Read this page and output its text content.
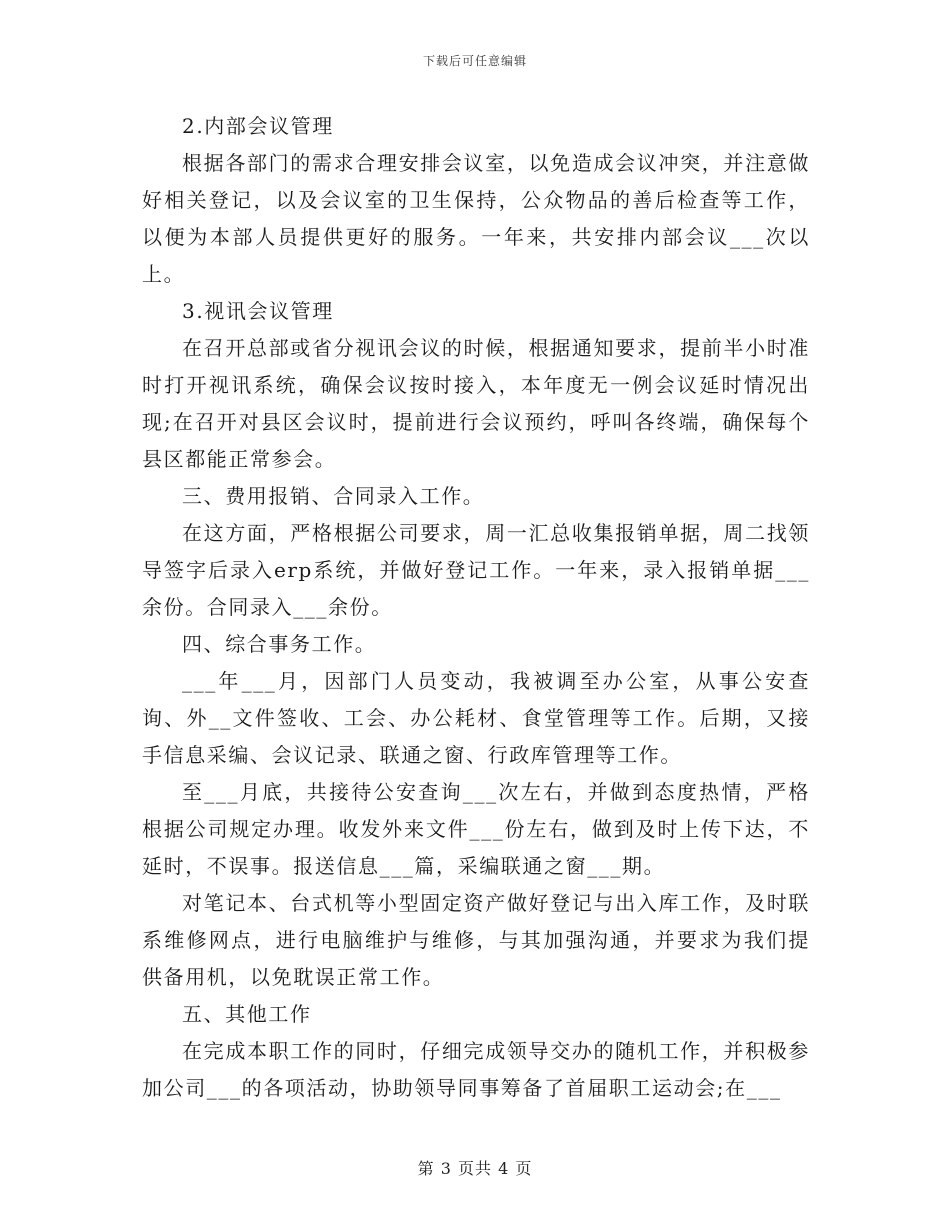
下载后可任意编辑

2.内部会议管理

根据各部门的需求合理安排会议室，以免造成会议冲突，并注意做好相关登记，以及会议室的卫生保持，公众物品的善后检查等工作，以便为本部人员提供更好的服务。一年来，共安排内部会议___次以上。

3.视讯会议管理

在召开总部或省分视讯会议的时候，根据通知要求，提前半小时准时打开视讯系统，确保会议按时接入，本年度无一例会议延时情况出现;在召开对县区会议时，提前进行会议预约，呼叫各终端，确保每个县区都能正常参会。

三、费用报销、合同录入工作。

在这方面，严格根据公司要求，周一汇总收集报销单据，周二找领导签字后录入erp系统，并做好登记工作。一年来，录入报销单据___余份。合同录入___余份。

四、综合事务工作。

___年___月，因部门人员变动，我被调至办公室，从事公安查询、外__文件签收、工会、办公耗材、食堂管理等工作。后期，又接手信息采编、会议记录、联通之窗、行政库管理等工作。

至___月底，共接待公安查询___次左右，并做到态度热情，严格根据公司规定办理。收发外来文件___份左右，做到及时上传下达，不延时，不误事。报送信息___篇，采编联通之窗___期。

对笔记本、台式机等小型固定资产做好登记与出入库工作，及时联系维修网点，进行电脑维护与维修，与其加强沟通，并要求为我们提供备用机，以免耽误正常工作。

五、其他工作

在完成本职工作的同时，仔细完成领导交办的随机工作，并积极参加公司___的各项活动，协助领导同事筹备了首届职工运动会;在___

第 3 页共 4 页
